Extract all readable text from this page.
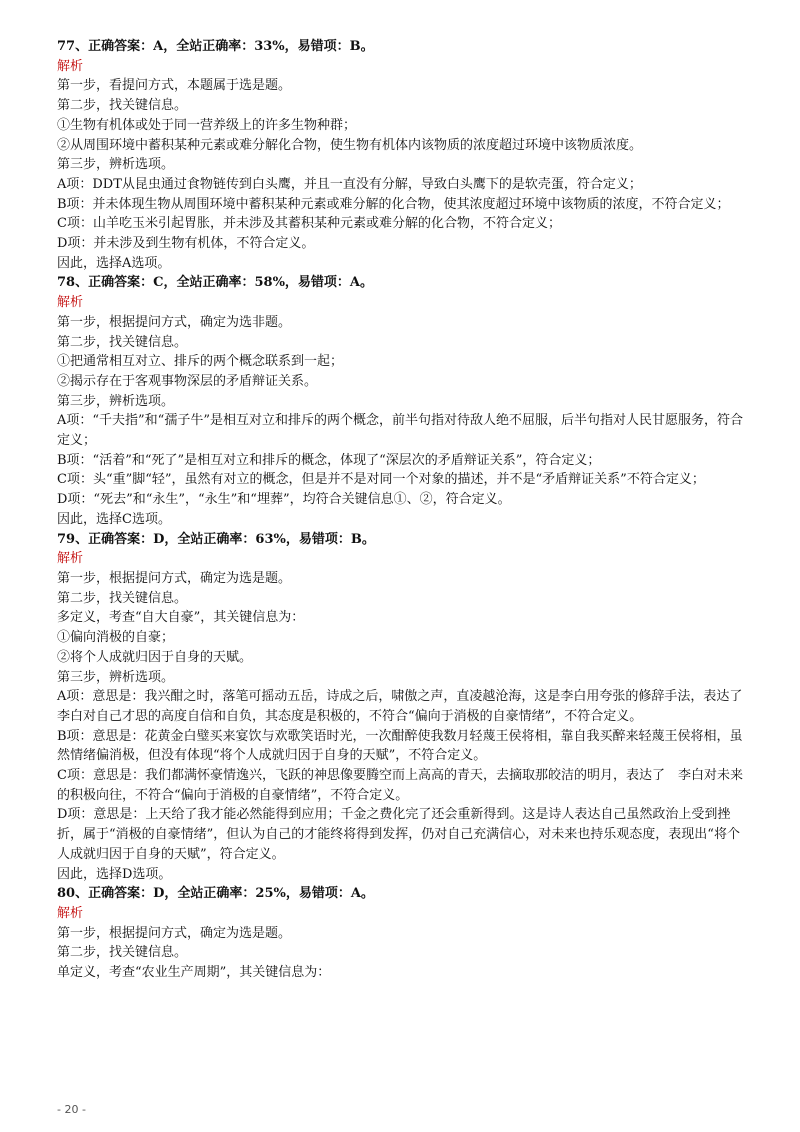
77、正确答案：A，全站正确率：33%，易错项：B。
解析
第一步，看提问方式，本题属于选是题。
第二步，找关键信息。
①生物有机体或处于同一营养级上的许多生物种群；
②从周围环境中蓄积某种元素或难分解化合物，使生物有机体内该物质的浓度超过环境中该物质浓度。
第三步，辨析选项。
A项：DDT从昆虫通过食物链传到白头鹰，并且一直没有分解，导致白头鹰下的是软壳蛋，符合定义；
B项：并未体现生物从周围环境中蓄积某种元素或难分解的化合物，使其浓度超过环境中该物质的浓度，不符合定义；
C项：山羊吃玉米引起胃胀，并未涉及其蓄积某种元素或难分解的化合物，不符合定义；
D项：并未涉及到生物有机体，不符合定义。
因此，选择A选项。
78、正确答案：C，全站正确率：58%，易错项：A。
解析
第一步，根据提问方式，确定为选非题。
第二步，找关键信息。
①把通常相互对立、排斥的两个概念联系到一起；
②揭示存在于客观事物深层的矛盾辩证关系。
第三步，辨析选项。
A项：“千夫指”和“孺子牛”是相互对立和排斥的两个概念，前半句指对待敌人绝不屈服，后半句指对人民甘愿服务，符合定义；
B项：“活着”和“死了”是相互对立和排斥的概念，体现了“深层次的矛盾辩证关系”，符合定义；
C项：头“重”脚“轻”，虽然有对立的概念，但是并不是对同一个对象的描述，并不是“矛盾辩证关系”不符合定义；
D项：“死去”和“永生”，“永生”和“埋葬”，均符合关键信息①、②，符合定义。
因此，选择C选项。
79、正确答案：D，全站正确率：63%，易错项：B。
解析
第一步，根据提问方式，确定为选是题。
第二步，找关键信息。
多定义，考查“自大自豪”，其关键信息为：
①偏向消极的自豪；
②将个人成就归因于自身的天赋。
第三步，辨析选项。
A项：意思是：我兴酣之时，落笔可摇动五岳，诗成之后，啸傲之声，直凌越沧海，这是李白用夸张的修辞手法，表达了李白对自己才思的高度自信和自负，其态度是积极的，不符合“偏向于消极的自豪情绪”，不符合定义。
B项：意思是：花黄金白璧买来宴饮与欢歌笑语时光，一次酣醉使我数月轻蔑王侯将相，靠自我买醉来轻蔑王侯将相，虽然情绪偏消极，但没有体现“将个人成就归因于自身的天赋”，不符合定义。
C项：意思是：我们都满怀豪情逸兴，飞跃的神思像要腾空而上高高的青天，去摘取那皎洁的明月，表达了　李白对未来的积极向往，不符合“偏向于消极的自豪情绪”，不符合定义。
D项：意思是：上天给了我才能必然能得到应用；千金之费化完了还会重新得到。这是诗人表达自己虽然政治上受到挫折，属于“消极的自豪情绪”，但认为自己的才能终将得到发挥，仍对自己充满信心，对未来也持乐观态度，表现出“将个人成就归因于自身的天赋”，符合定义。
因此，选择D选项。
80、正确答案：D，全站正确率：25%，易错项：A。
解析
第一步，根据提问方式，确定为选是题。
第二步，找关键信息。
单定义，考查“农业生产周期”，其关键信息为：
- 20 -
